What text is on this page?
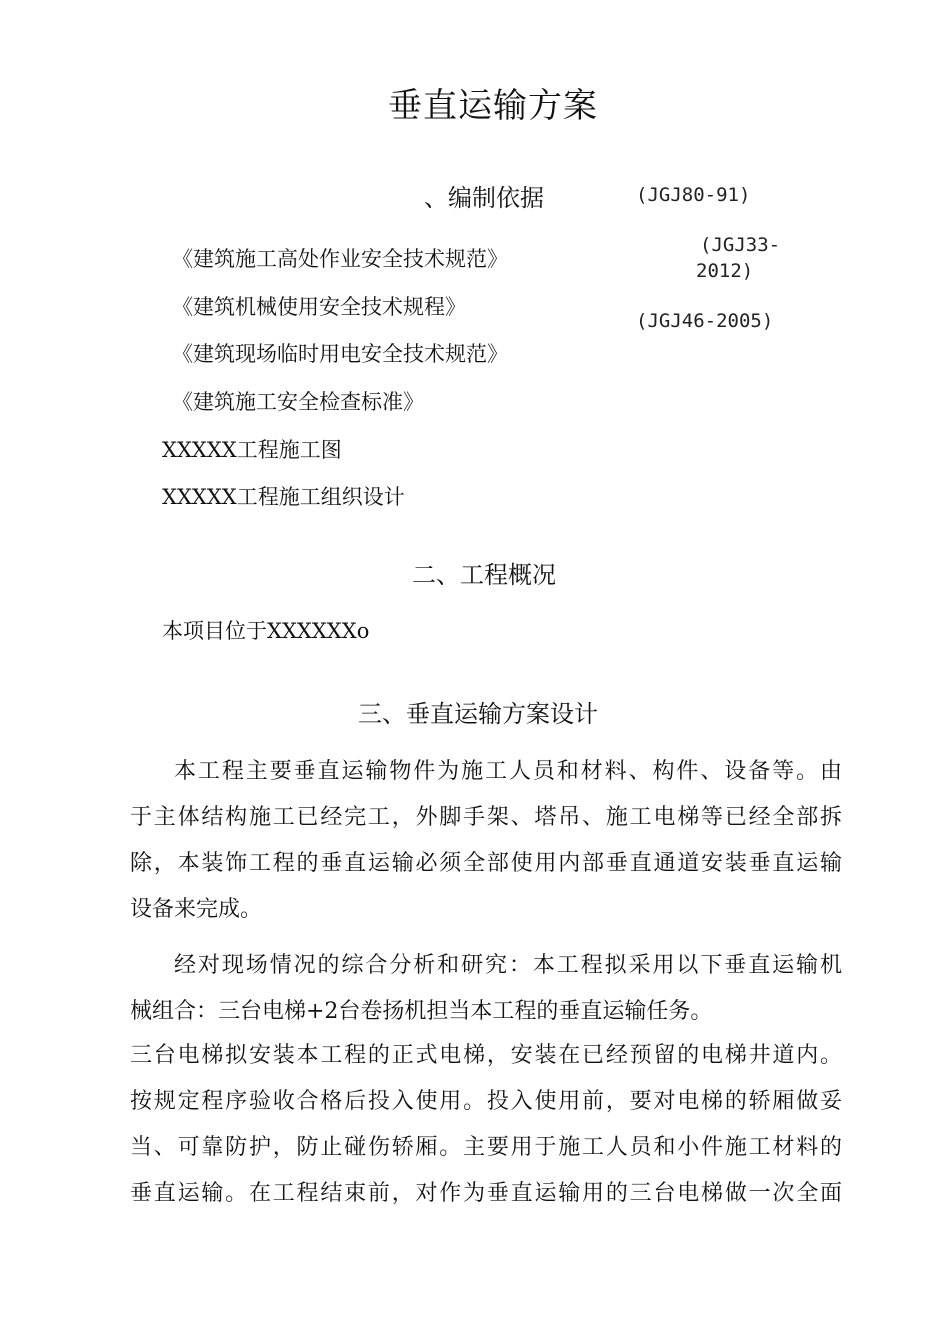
垂直运输方案
、编制依据	(JGJ80-91)
(JGJ33-
2012)
(JGJ46-2005)
《建筑施工高处作业安全技术规范》
《建筑机械使用安全技术规程》
《建筑现场临时用电安全技术规范》
《建筑施工安全检查标准》
XXXXX工程施工图
XXXXX工程施工组织设计
二、工程概况
本项目位于XXXXXXo
三、垂直运输方案设计
本工程主要垂直运输物件为施工人员和材料、构件、设备等。由
于主体结构施工已经完工，外脚手架、塔吊、施工电梯等已经全部拆
除，本装饰工程的垂直运输必须全部使用内部垂直通道安装垂直运输
设备来完成。
经对现场情况的综合分析和研究：本工程拟采用以下垂直运输机
械组合：三台电梯+2台卷扬机担当本工程的垂直运输任务。
三台电梯拟安装本工程的正式电梯，安装在已经预留的电梯井道内。
按规定程序验收合格后投入使用。投入使用前，要对电梯的轿厢做妥
当、可靠防护，防止碰伤轿厢。主要用于施工人员和小件施工材料的
垂直运输。在工程结束前，对作为垂直运输用的三台电梯做一次全面
